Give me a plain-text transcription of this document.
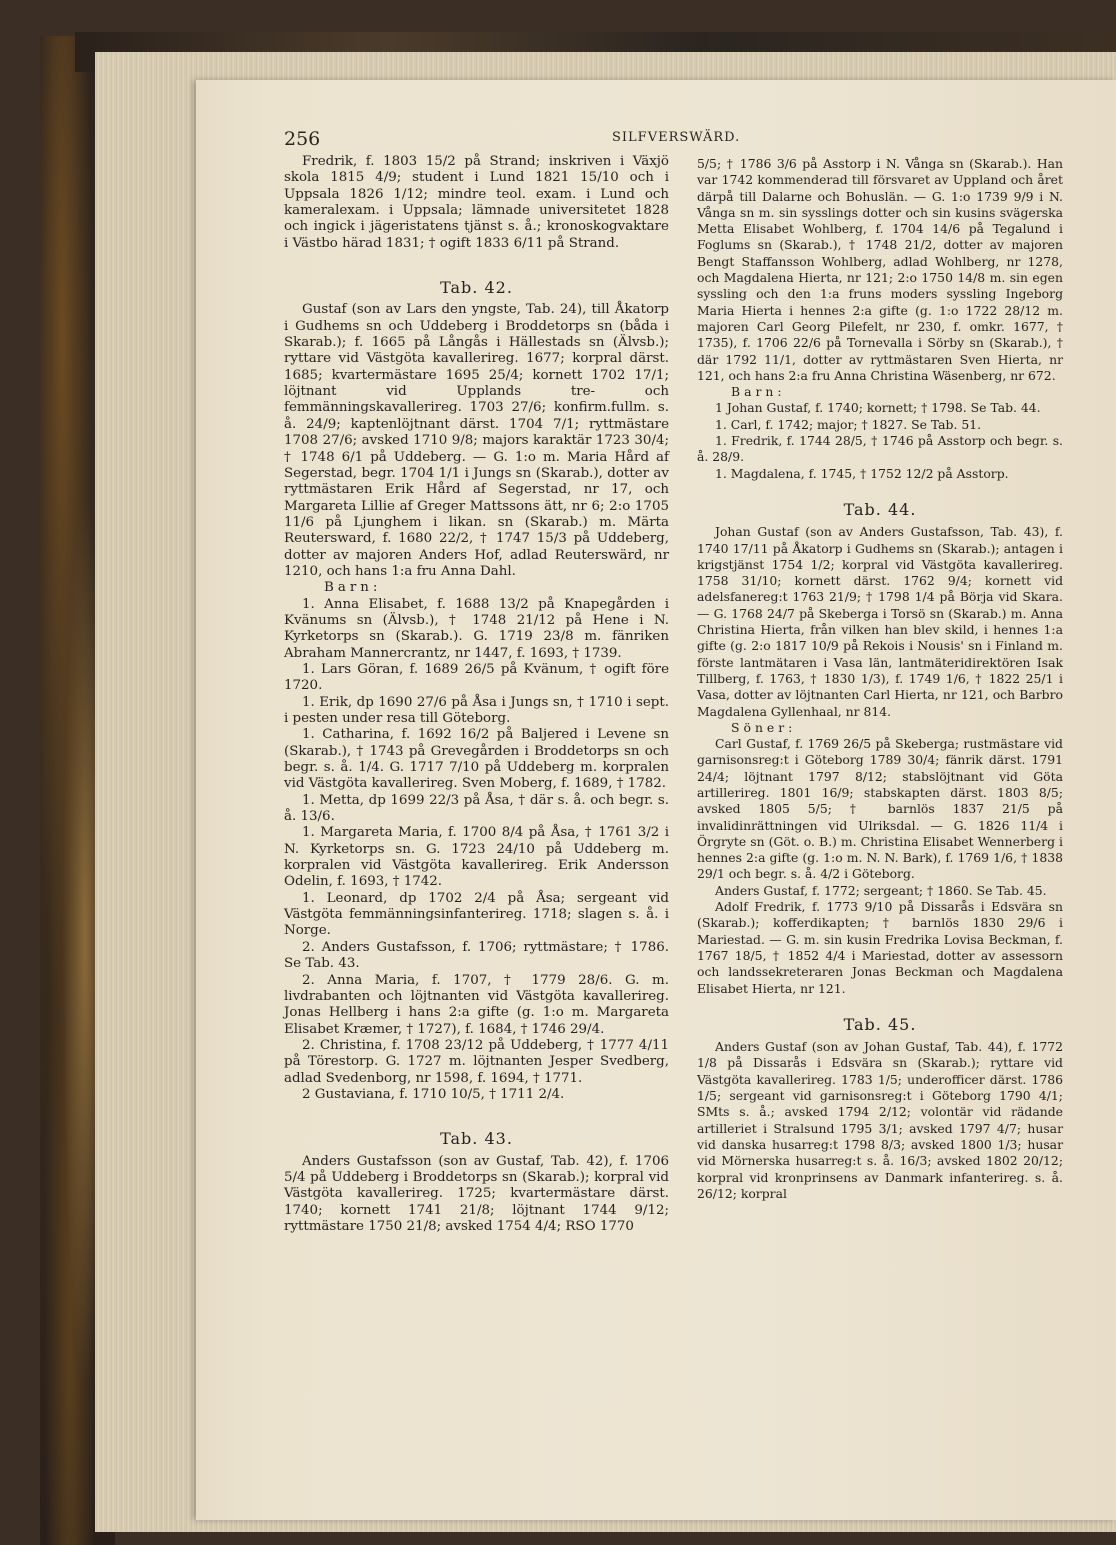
256	SILFVERSWÄRD.

Fredrik, f. 1803 15/2 på Strand; inskriven i Växjö skola 1815 4/9; student i Lund 1821 15/10 och i Uppsala 1826 1/12; mindre teol. exam. i Lund och kameralexam. i Uppsala; lämnade universitetet 1828 och ingick i jägeristatens tjänst s. å.; kronoskogvaktare i Västbo härad 1831; † ogift 1833 6/11 på Strand.

Tab. 42.

Gustaf (son av Lars den yngste, Tab. 24), till Åkatorp i Gudhems sn och Uddeberg i Broddetorps sn (båda i Skarab.); f. 1665 på Långås i Hällestads sn (Älvsb.); ryttare vid Västgöta kavallerireg. 1677; korpral därst. 1685; kvartermästare 1695 25/4; kornett 1702 17/1; löjtnant vid Upplands tre- och femmänningskavallerireg. 1703 27/6; konfirm.fullm. s. å. 24/9; kaptenlöjtnant därst. 1704 7/1; ryttmästare 1708 27/6; avsked 1710 9/8; majors karaktär 1723 30/4; † 1748 6/1 på Uddeberg. — G. 1:o m. Maria Hård af Segerstad, begr. 1704 1/1 i Jungs sn (Skarab.), dotter av ryttmästaren Erik Hård af Segerstad, nr 17, och Margareta Lillie af Greger Mattssons ätt, nr 6; 2:o 1705 11/6 på Ljunghem i likan. sn (Skarab.) m. Märta Reutersward, f. 1680 22/2, † 1747 15/3 på Uddeberg, dotter av majoren Anders Hof, adlad Reuterswärd, nr 1210, och hans 1:a fru Anna Dahl.

Barn:

1. Anna Elisabet, f. 1688 13/2 på Knapegården i Kvänums sn (Älvsb.), † 1748 21/12 på Hene i N. Kyrketorps sn (Skarab.). G. 1719 23/8 m. fänriken Abraham Mannercrantz, nr 1447, f. 1693, † 1739.

1. Lars Göran, f. 1689 26/5 på Kvänum, † ogift före 1720.

1. Erik, dp 1690 27/6 på Åsa i Jungs sn, † 1710 i sept. i pesten under resa till Göteborg.

1. Catharina, f. 1692 16/2 på Baljered i Levene sn (Skarab.), † 1743 på Grevegården i Broddetorps sn och begr. s. å. 1/4. G. 1717 7/10 på Uddeberg m. korpralen vid Västgöta kavallerireg. Sven Moberg, f. 1689, † 1782.

1. Metta, dp 1699 22/3 på Åsa, † där s. å. och begr. s. å. 13/6.

1. Margareta Maria, f. 1700 8/4 på Åsa, † 1761 3/2 i N. Kyrketorps sn. G. 1723 24/10 på Uddeberg m. korpralen vid Västgöta kavallerireg. Erik Andersson Odelin, f. 1693, † 1742.

1. Leonard, dp 1702 2/4 på Åsa; sergeant vid Västgöta femmänningsinfanterireg. 1718; slagen s. å. i Norge.

2. Anders Gustafsson, f. 1706; ryttmästare; † 1786. Se Tab. 43.

2. Anna Maria, f. 1707, † 1779 28/6. G. m. livdrabanten och löjtnanten vid Västgöta kavallerireg. Jonas Hellberg i hans 2:a gifte (g. 1:o m. Margareta Elisabet Kræmer, † 1727), f. 1684, † 1746 29/4.

2. Christina, f. 1708 23/12 på Uddeberg, † 1777 4/11 på Törestorp. G. 1727 m. löjtnanten Jesper Svedberg, adlad Svedenborg, nr 1598, f. 1694, † 1771.

2 Gustaviana, f. 1710 10/5, † 1711 2/4.

Tab. 43.

Anders Gustafsson (son av Gustaf, Tab. 42), f. 1706 5/4 på Uddeberg i Broddetorps sn (Skarab.); korpral vid Västgöta kavallerireg. 1725; kvartermästare därst. 1740; kornett 1741 21/8; löjtnant 1744 9/12; ryttmästare 1750 21/8; avsked 1754 4/4; RSO 1770

5/5; † 1786 3/6 på Asstorp i N. Vånga sn (Skarab.). Han var 1742 kommenderad till försvaret av Uppland och året därpå till Dalarne och Bohuslän. — G. 1:o 1739 9/9 i N. Vånga sn m. sin sysslings dotter och sin kusins svägerska Metta Elisabet Wohlberg, f. 1704 14/6 på Tegalund i Foglums sn (Skarab.), † 1748 21/2, dotter av majoren Bengt Staffansson Wohlberg, adlad Wohlberg, nr 1278, och Magdalena Hierta, nr 121; 2:o 1750 14/8 m. sin egen syssling och den 1:a fruns moders syssling Ingeborg Maria Hierta i hennes 2:a gifte (g. 1:o 1722 28/12 m. majoren Carl Georg Pilefelt, nr 230, f. omkr. 1677, † 1735), f. 1706 22/6 på Tornevalla i Sörby sn (Skarab.), † där 1792 11/1, dotter av ryttmästaren Sven Hierta, nr 121, och hans 2:a fru Anna Christina Wäsenberg, nr 672.

Barn:

1 Johan Gustaf, f. 1740; kornett; † 1798. Se Tab. 44.

1. Carl, f. 1742; major; † 1827. Se Tab. 51.

1. Fredrik, f. 1744 28/5, † 1746 på Asstorp och begr. s. å. 28/9.

1. Magdalena, f. 1745, † 1752 12/2 på Asstorp.

Tab. 44.

Johan Gustaf (son av Anders Gustafsson, Tab. 43), f. 1740 17/11 på Åkatorp i Gudhems sn (Skarab.); antagen i krigstjänst 1754 1/2; korpral vid Västgöta kavallerireg. 1758 31/10; kornett därst. 1762 9/4; kornett vid adelsfanereg:t 1763 21/9; † 1798 1/4 på Börja vid Skara. — G. 1768 24/7 på Skeberga i Torsö sn (Skarab.) m. Anna Christina Hierta, från vilken han blev skild, i hennes 1:a gifte (g. 2:o 1817 10/9 på Rekois i Nousis' sn i Finland m. förste lantmätaren i Vasa län, lantmäteridirektören Isak Tillberg, f. 1763, † 1830 1/3), f. 1749 1/6, † 1822 25/1 i Vasa, dotter av löjtnanten Carl Hierta, nr 121, och Barbro Magdalena Gyllenhaal, nr 814.

Söner:

Carl Gustaf, f. 1769 26/5 på Skeberga; rustmästare vid garnisonsreg:t i Göteborg 1789 30/4; fänrik därst. 1791 24/4; löjtnant 1797 8/12; stabslöjtnant vid Göta artillerireg. 1801 16/9; stabskapten därst. 1803 8/5; avsked 1805 5/5; † barnlös 1837 21/5 på invalidinrättningen vid Ulriksdal. — G. 1826 11/4 i Örgryte sn (Göt. o. B.) m. Christina Elisabet Wennerberg i hennes 2:a gifte (g. 1:o m. N. N. Bark), f. 1769 1/6, † 1838 29/1 och begr. s. å. 4/2 i Göteborg.

Anders Gustaf, f. 1772; sergeant; † 1860. Se Tab. 45.

Adolf Fredrik, f. 1773 9/10 på Dissarås i Edsvära sn (Skarab.); kofferdikapten; † barnlös 1830 29/6 i Mariestad. — G. m. sin kusin Fredrika Lovisa Beckman, f. 1767 18/5, † 1852 4/4 i Mariestad, dotter av assessorn och landssekreteraren Jonas Beckman och Magdalena Elisabet Hierta, nr 121.

Tab. 45.

Anders Gustaf (son av Johan Gustaf, Tab. 44), f. 1772 1/8 på Dissarås i Edsvära sn (Skarab.); ryttare vid Västgöta kavallerireg. 1783 1/5; underofficer därst. 1786 1/5; sergeant vid garnisonsreg:t i Göteborg 1790 4/1; SMts s. å.; avsked 1794 2/12; volontär vid rädande artilleriet i Stralsund 1795 3/1; avsked 1797 4/7; husar vid danska husarreg:t 1798 8/3; avsked 1800 1/3; husar vid Mörnerska husarreg:t s. å. 16/3; avsked 1802 20/12; korpral vid kronprinsens av Danmark infanterireg. s. å. 26/12; korpral
